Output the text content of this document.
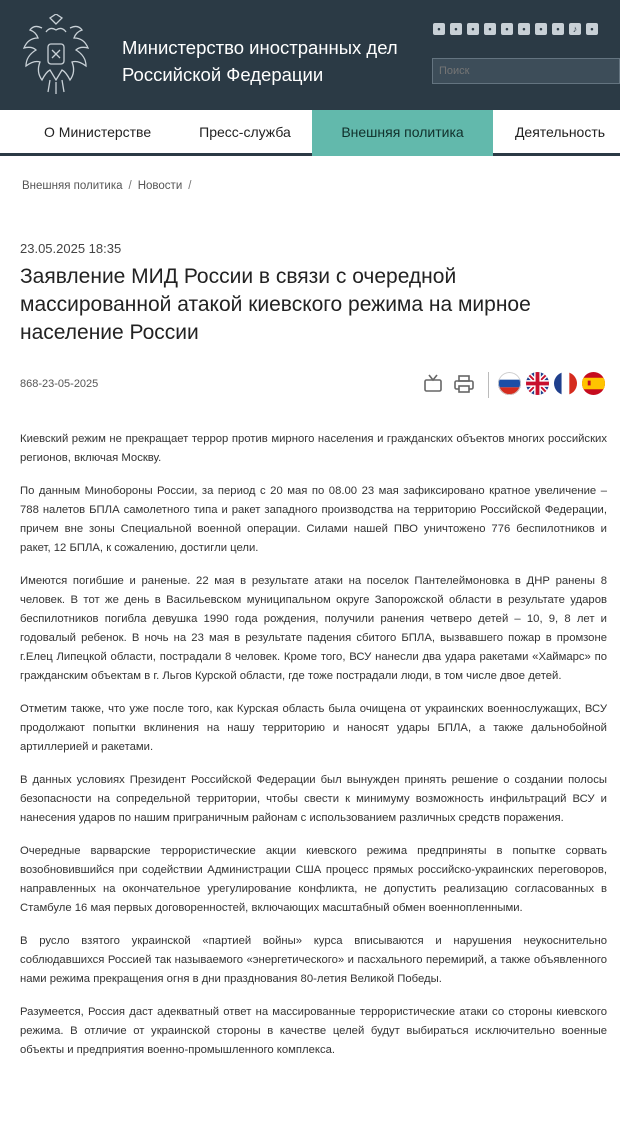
Министерство иностранных дел
Российской Федерации
•	•	•	•	•	•	•	•	♪	•
Поиск
О Министерстве	Пресс-служба	Внешняя политика	Деятельность
Внешняя политика / Новости /
23.05.2025 18:35
Заявление МИД России в связи с очередной массированной атакой киевского режима на мирное население России
868-23-05-2025

Киевский режим не прекращает террор против мирного населения и гражданских объектов многих российских регионов, включая Москву.

По данным Минобороны России, за период с 20 мая по 08.00 23 мая зафиксировано кратное увеличение – 788 налетов БПЛА самолетного типа и ракет западного производства на территорию Российской Федерации, причем вне зоны Специальной военной операции. Силами нашей ПВО уничтожено 776 беспилотников и ракет, 12 БПЛА, к сожалению, достигли цели.

Имеются погибшие и раненые. 22 мая в результате атаки на поселок Пантелеймоновка в ДНР ранены 8 человек. В тот же день в Васильевском муниципальном округе Запорожской области в результате ударов беспилотников погибла девушка 1990 года рождения, получили ранения четверо детей – 10, 9, 8 лет и годовалый ребенок. В ночь на 23 мая в результате падения сбитого БПЛА, вызвавшего пожар в промзоне г.Елец Липецкой области, пострадали 8 человек. Кроме того, ВСУ нанесли два удара ракетами «Хаймарс» по гражданским объектам в г. Льгов Курской области, где тоже пострадали люди, в том числе двое детей.

Отметим также, что уже после того, как Курская область была очищена от украинских военнослужащих, ВСУ продолжают попытки вклинения на нашу территорию и наносят удары БПЛА, а также дальнобойной артиллерией и ракетами.

В данных условиях Президент Российской Федерации был вынужден принять решение о создании полосы безопасности на сопредельной территории, чтобы свести к минимуму возможность инфильтраций ВСУ и нанесения ударов по нашим приграничным районам с использованием различных средств поражения.

Очередные варварские террористические акции киевского режима предприняты в попытке сорвать возобновившийся при содействии Администрации США процесс прямых российско-украинских переговоров, направленных на окончательное урегулирование конфликта, не допустить реализацию согласованных в Стамбуле 16 мая первых договоренностей, включающих масштабный обмен военнопленными.

В русло взятого украинской «партией войны» курса вписываются и нарушения неукоснительно соблюдавшихся Россией так называемого «энергетического» и пасхального перемирий, а также объявленного нами режима прекращения огня в дни празднования 80-летия Великой Победы.

Разумеется, Россия даст адекватный ответ на массированные террористические атаки со стороны киевского режима. В отличие от украинской стороны в качестве целей будут выбираться исключительно военные объекты и предприятия военно-промышленного комплекса.
